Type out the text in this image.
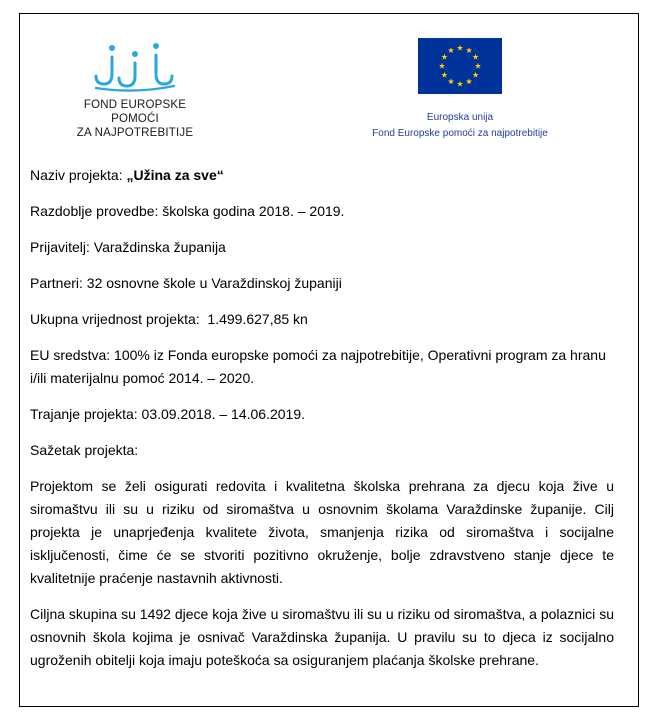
FOND EUROPSKE POMOĆI
ZA NAJPOTREBITIJE
Europska unija
Fond Europske pomoći za najpotrebitije

Naziv projekta: „Užina za sve“

Razdoblje provedbe: školska godina 2018. – 2019.

Prijavitelj: Varaždinska županija

Partneri: 32 osnovne škole u Varaždinskoj županiji

Ukupna vrijednost projekta:  1.499.627,85 kn

EU sredstva: 100% iz Fonda europske pomoći za najpotrebitije, Operativni program za hranu i/ili materijalnu pomoć 2014. – 2020.

Trajanje projekta: 03.09.2018. – 14.06.2019.

Sažetak projekta:

Projektom se želi osigurati redovita i kvalitetna školska prehrana za djecu koja žive u siromaštvu ili su u riziku od siromaštva u osnovnim školama Varaždinske županije. Cilj projekta je unaprjeđenja kvalitete života, smanjenja rizika od siromaštva i socijalne isključenosti, čime će se stvoriti pozitivno okruženje, bolje zdravstveno stanje djece te kvalitetnije praćenje nastavnih aktivnosti.

Ciljna skupina su 1492 djece koja žive u siromaštvu ili su u riziku od siromaštva, a polaznici su osnovnih škola kojima je osnivač Varaždinska županija. U pravilu su to djeca iz socijalno ugroženih obitelji koja imaju poteškoća sa osiguranjem plaćanja školske prehrane.
